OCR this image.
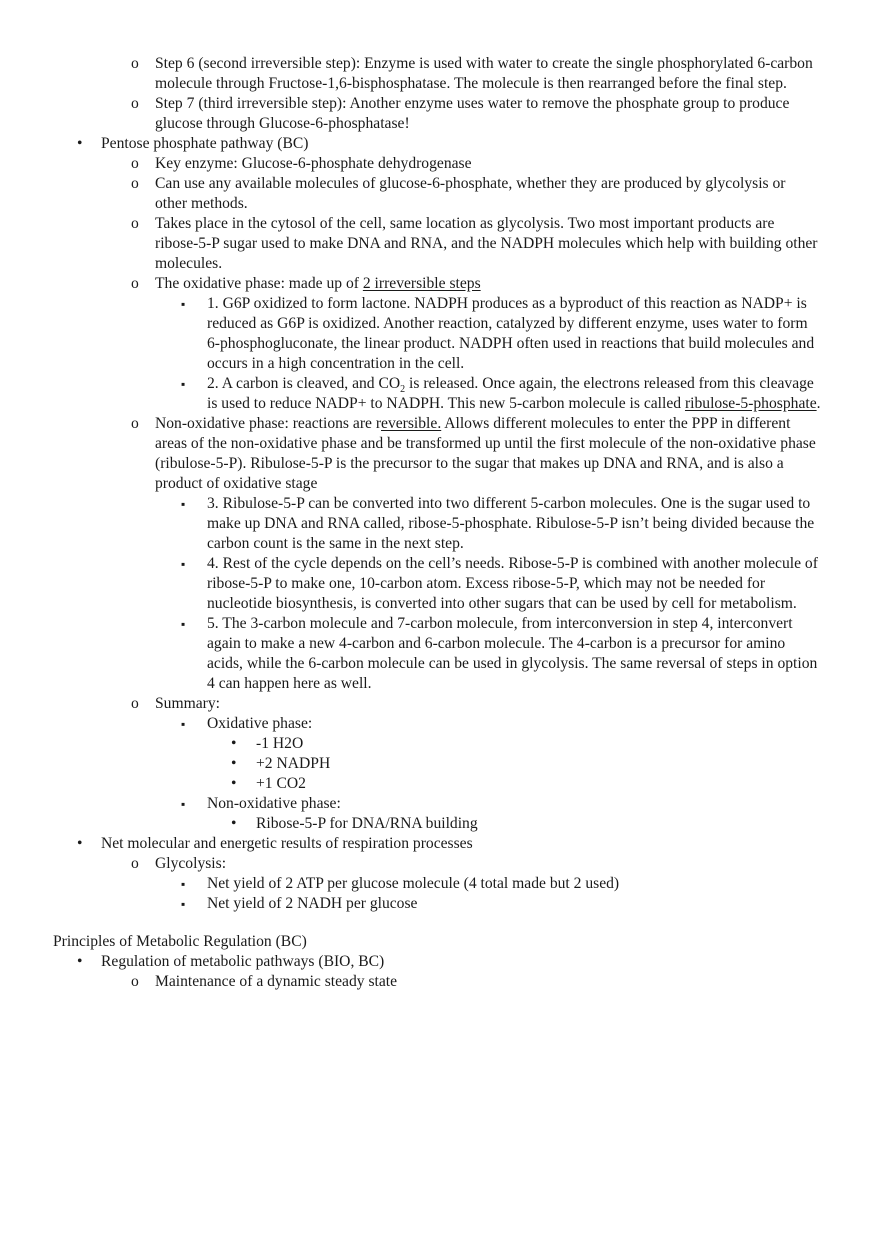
o Step 6 (second irreversible step): Enzyme is used with water to create the single phosphorylated 6-carbon molecule through Fructose-1,6-bisphosphatase. The molecule is then rearranged before the final step.
o Step 7 (third irreversible step): Another enzyme uses water to remove the phosphate group to produce glucose through Glucose-6-phosphatase!
• Pentose phosphate pathway (BC)
o Key enzyme: Glucose-6-phosphate dehydrogenase
o Can use any available molecules of glucose-6-phosphate, whether they are produced by glycolysis or other methods.
o Takes place in the cytosol of the cell, same location as glycolysis. Two most important products are ribose-5-P sugar used to make DNA and RNA, and the NADPH molecules which help with building other molecules.
o The oxidative phase: made up of 2 irreversible steps
▪ 1. G6P oxidized to form lactone. NADPH produces as a byproduct of this reaction as NADP+ is reduced as G6P is oxidized. Another reaction, catalyzed by different enzyme, uses water to form 6-phosphogluconate, the linear product. NADPH often used in reactions that build molecules and occurs in a high concentration in the cell.
▪ 2. A carbon is cleaved, and $CO_2$ is released. Once again, the electrons released from this cleavage is used to reduce NADP+ to NADPH. This new 5-carbon molecule is called ribulose-5-phosphate.
o Non-oxidative phase: reactions are reversible. Allows different molecules to enter the PPP in different areas of the non-oxidative phase and be transformed up until the first molecule of the non-oxidative phase (ribulose-5-P). Ribulose-5-P is the precursor to the sugar that makes up DNA and RNA, and is also a product of oxidative stage
▪ 3. Ribulose-5-P can be converted into two different 5-carbon molecules. One is the sugar used to make up DNA and RNA called, ribose-5-phosphate. Ribulose-5-P isn’t being divided because the carbon count is the same in the next step.
▪ 4. Rest of the cycle depends on the cell’s needs. Ribose-5-P is combined with another molecule of ribose-5-P to make one, 10-carbon atom. Excess ribose-5-P, which may not be needed for nucleotide biosynthesis, is converted into other sugars that can be used by cell for metabolism.
▪ 5. The 3-carbon molecule and 7-carbon molecule, from interconversion in step 4, interconvert again to make a new 4-carbon and 6-carbon molecule. The 4-carbon is a precursor for amino acids, while the 6-carbon molecule can be used in glycolysis. The same reversal of steps in option 4 can happen here as well.
o Summary:
▪ Oxidative phase:
• -1 H2O
• +2 NADPH
• +1 CO2
▪ Non-oxidative phase:
• Ribose-5-P for DNA/RNA building
• Net molecular and energetic results of respiration processes
o Glycolysis:
▪ Net yield of 2 ATP per glucose molecule (4 total made but 2 used)
▪ Net yield of 2 NADH per glucose
Principles of Metabolic Regulation (BC)
• Regulation of metabolic pathways (BIO, BC)
o Maintenance of a dynamic steady state
